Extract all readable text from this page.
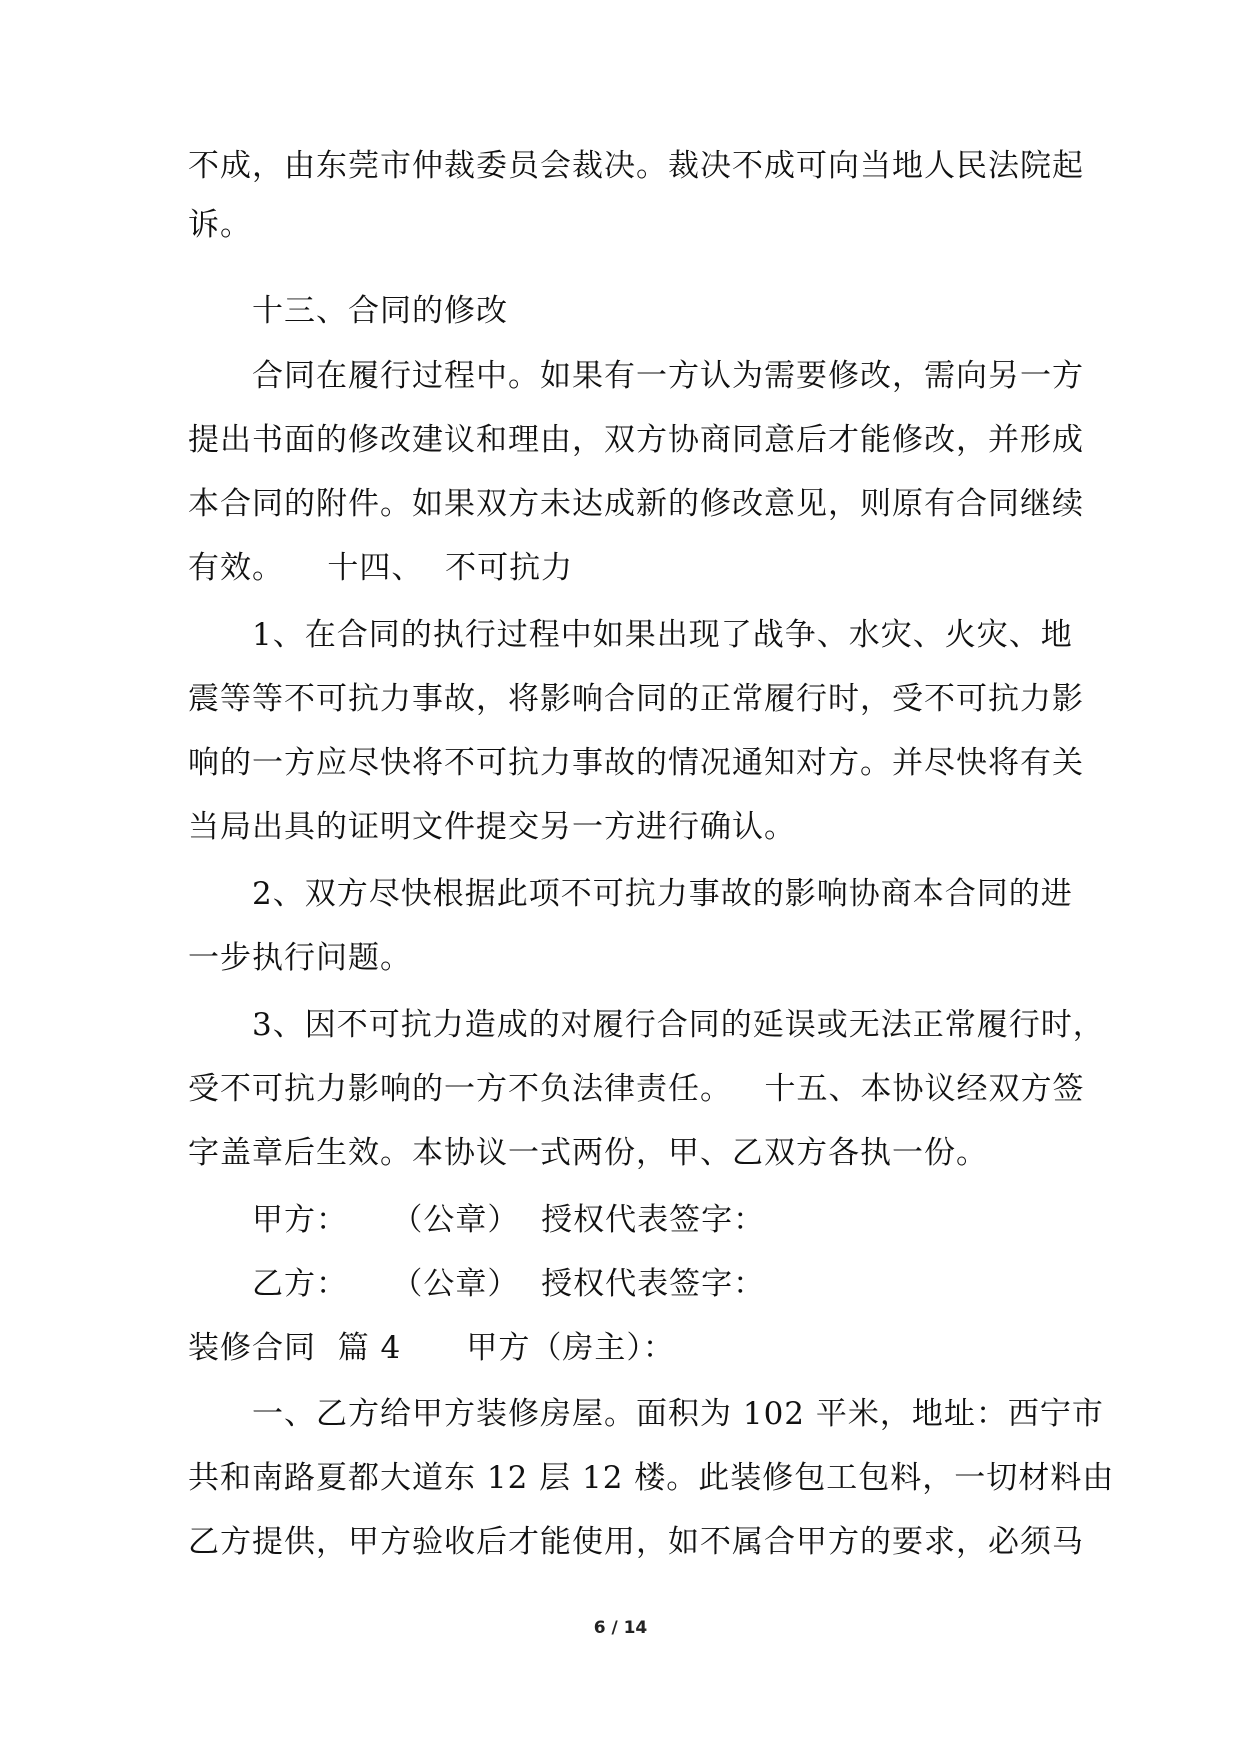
不成，由东莞市仲裁委员会裁决。裁决不成可向当地人民法院起
诉。
十三、合同的修改
合同在履行过程中。如果有一方认为需要修改，需向另一方
提出书面的修改建议和理由，双方协商同意后才能修改，并形成
本合同的附件。如果双方未达成新的修改意见，则原有合同继续
有效。    十四、  不可抗力
1、在合同的执行过程中如果出现了战争、水灾、火灾、地
震等等不可抗力事故，将影响合同的正常履行时，受不可抗力影
响的一方应尽快将不可抗力事故的情况通知对方。并尽快将有关
当局出具的证明文件提交另一方进行确认。
2、双方尽快根据此项不可抗力事故的影响协商本合同的进
一步执行问题。
3、因不可抗力造成的对履行合同的延误或无法正常履行时，
受不可抗力影响的一方不负法律责任。   十五、本协议经双方签
字盖章后生效。本协议一式两份，甲、乙双方各执一份。
甲方：    （公章）  授权代表签字：
乙方：    （公章）  授权代表签字：
装修合同  篇 4      甲方（房主）：
一、乙方给甲方装修房屋。面积为 102 平米，地址：西宁市
共和南路夏都大道东 12 层 12 楼。此装修包工包料，一切材料由
乙方提供，甲方验收后才能使用，如不属合甲方的要求，必须马
6 / 14
